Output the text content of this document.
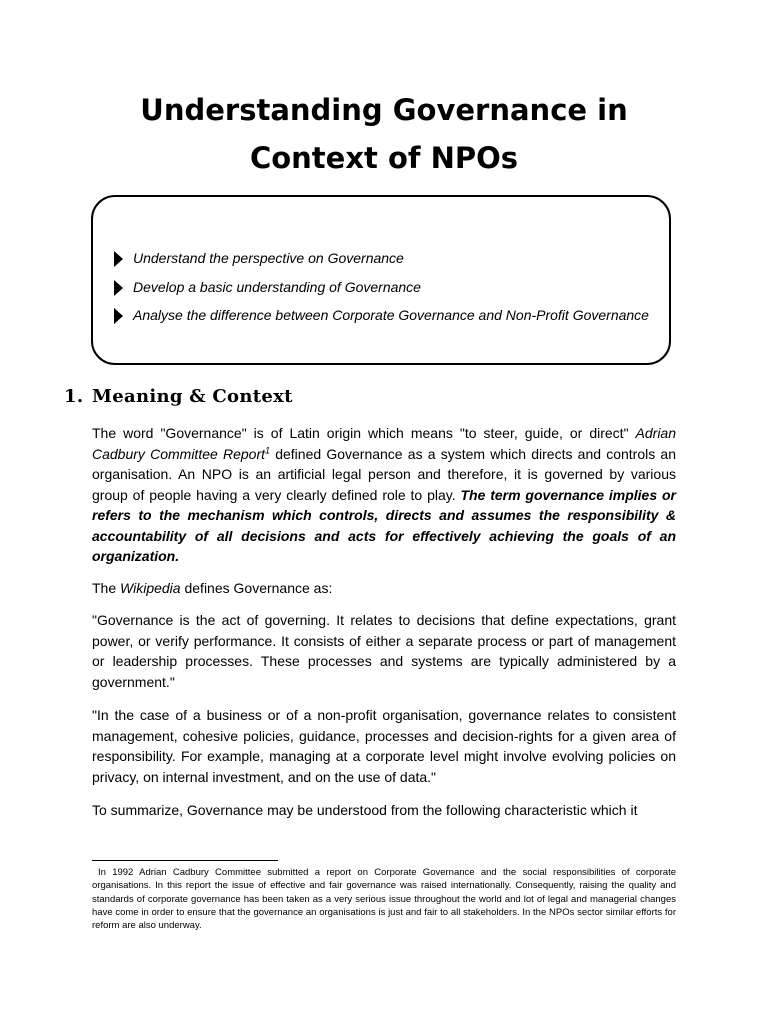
Understanding Governance in
Context of NPOs
Understand the perspective on Governance
Develop a basic understanding of Governance
Analyse the difference between Corporate Governance and Non-Profit Governance
1. Meaning & Context

The word "Governance" is of Latin origin which means "to steer, guide, or direct" Adrian Cadbury Committee Report$^1$ defined Governance as a system which directs and controls an organisation. An NPO is an artificial legal person and therefore, it is governed by various group of people having a very clearly defined role to play. The term governance implies or refers to the mechanism which controls, directs and assumes the responsibility & accountability of all decisions and acts for effectively achieving the goals of an organization.

The Wikipedia defines Governance as:

"Governance is the act of governing. It relates to decisions that define expectations, grant power, or verify performance. It consists of either a separate process or part of management or leadership processes. These processes and systems are typically administered by a government."

"In the case of a business or of a non-profit organisation, governance relates to consistent management, cohesive policies, guidance, processes and decision-rights for a given area of responsibility. For example, managing at a corporate level might involve evolving policies on privacy, on internal investment, and on the use of data."

To summarize, Governance may be understood from the following characteristic which it

In 1992 Adrian Cadbury Committee submitted a report on Corporate Governance and the social responsibilities of corporate organisations. In this report the issue of effective and fair governance was raised internationally. Consequently, raising the quality and standards of corporate governance has been taken as a very serious issue throughout the world and lot of legal and managerial changes have come in order to ensure that the governance an organisations is just and fair to all stakeholders. In the NPOs sector similar efforts for reform are also underway.
